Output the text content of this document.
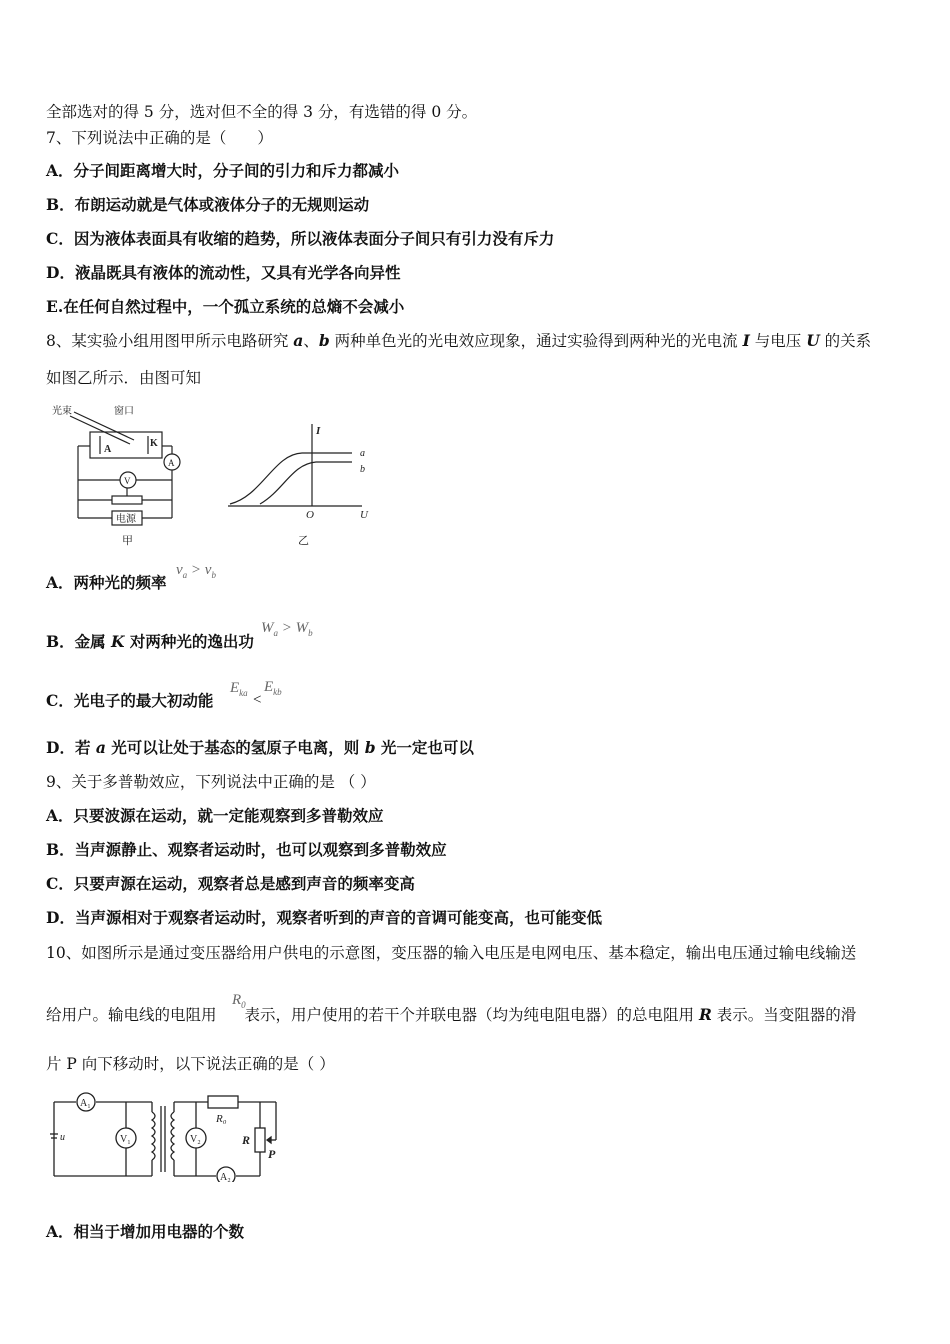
全部选对的得 5 分，选对但不全的得 3 分，有选错的得 0 分。
7、下列说法中正确的是（　　）
A．分子间距离增大时，分子间的引力和斥力都减小
B．布朗运动就是气体或液体分子的无规则运动
C．因为液体表面具有收缩的趋势，所以液体表面分子间只有引力没有斥力
D．液晶既具有液体的流动性，又具有光学各向异性
E.在任何自然过程中，一个孤立系统的总熵不会减小
8、某实验小组用图甲所示电路研究 a、b 两种单色光的光电效应现象，通过实验得到两种光的光电流 I 与电压 U 的关系
如图乙所示．由图可知
光束	窗口
A
K
A
V
电源
甲
I
U
O
a
b
乙
A．两种光的频率
$\nu_a > \nu_b$
B．金属 K 对两种光的逸出功
$W_a > W_b$
C．光电子的最大初动能
$E_{ka}$ <
$E_{kb}$
D．若 a 光可以让处于基态的氢原子电离，则 b 光一定也可以
9、关于多普勒效应，下列说法中正确的是 （ ）
A．只要波源在运动，就一定能观察到多普勒效应
B．当声源静止、观察者运动时，也可以观察到多普勒效应
C．只要声源在运动，观察者总是感到声音的频率变高
D．当声源相对于观察者运动时，观察者听到的声音的音调可能变高，也可能变低
10、如图所示是通过变压器给用户供电的示意图，变压器的输入电压是电网电压、基本稳定，输出电压通过输电线输送
给用户。输电线的电阻用 表示，用户使用的若干个并联电器（均为纯电阻电器）的总电阻用 R 表示。当变阻器的滑
$R_0$
片 P 向下移动时，以下说法正确的是（ ）
A₁
V₁
u	V₂
R₀
R
P
A₂
A．相当于增加用电器的个数
